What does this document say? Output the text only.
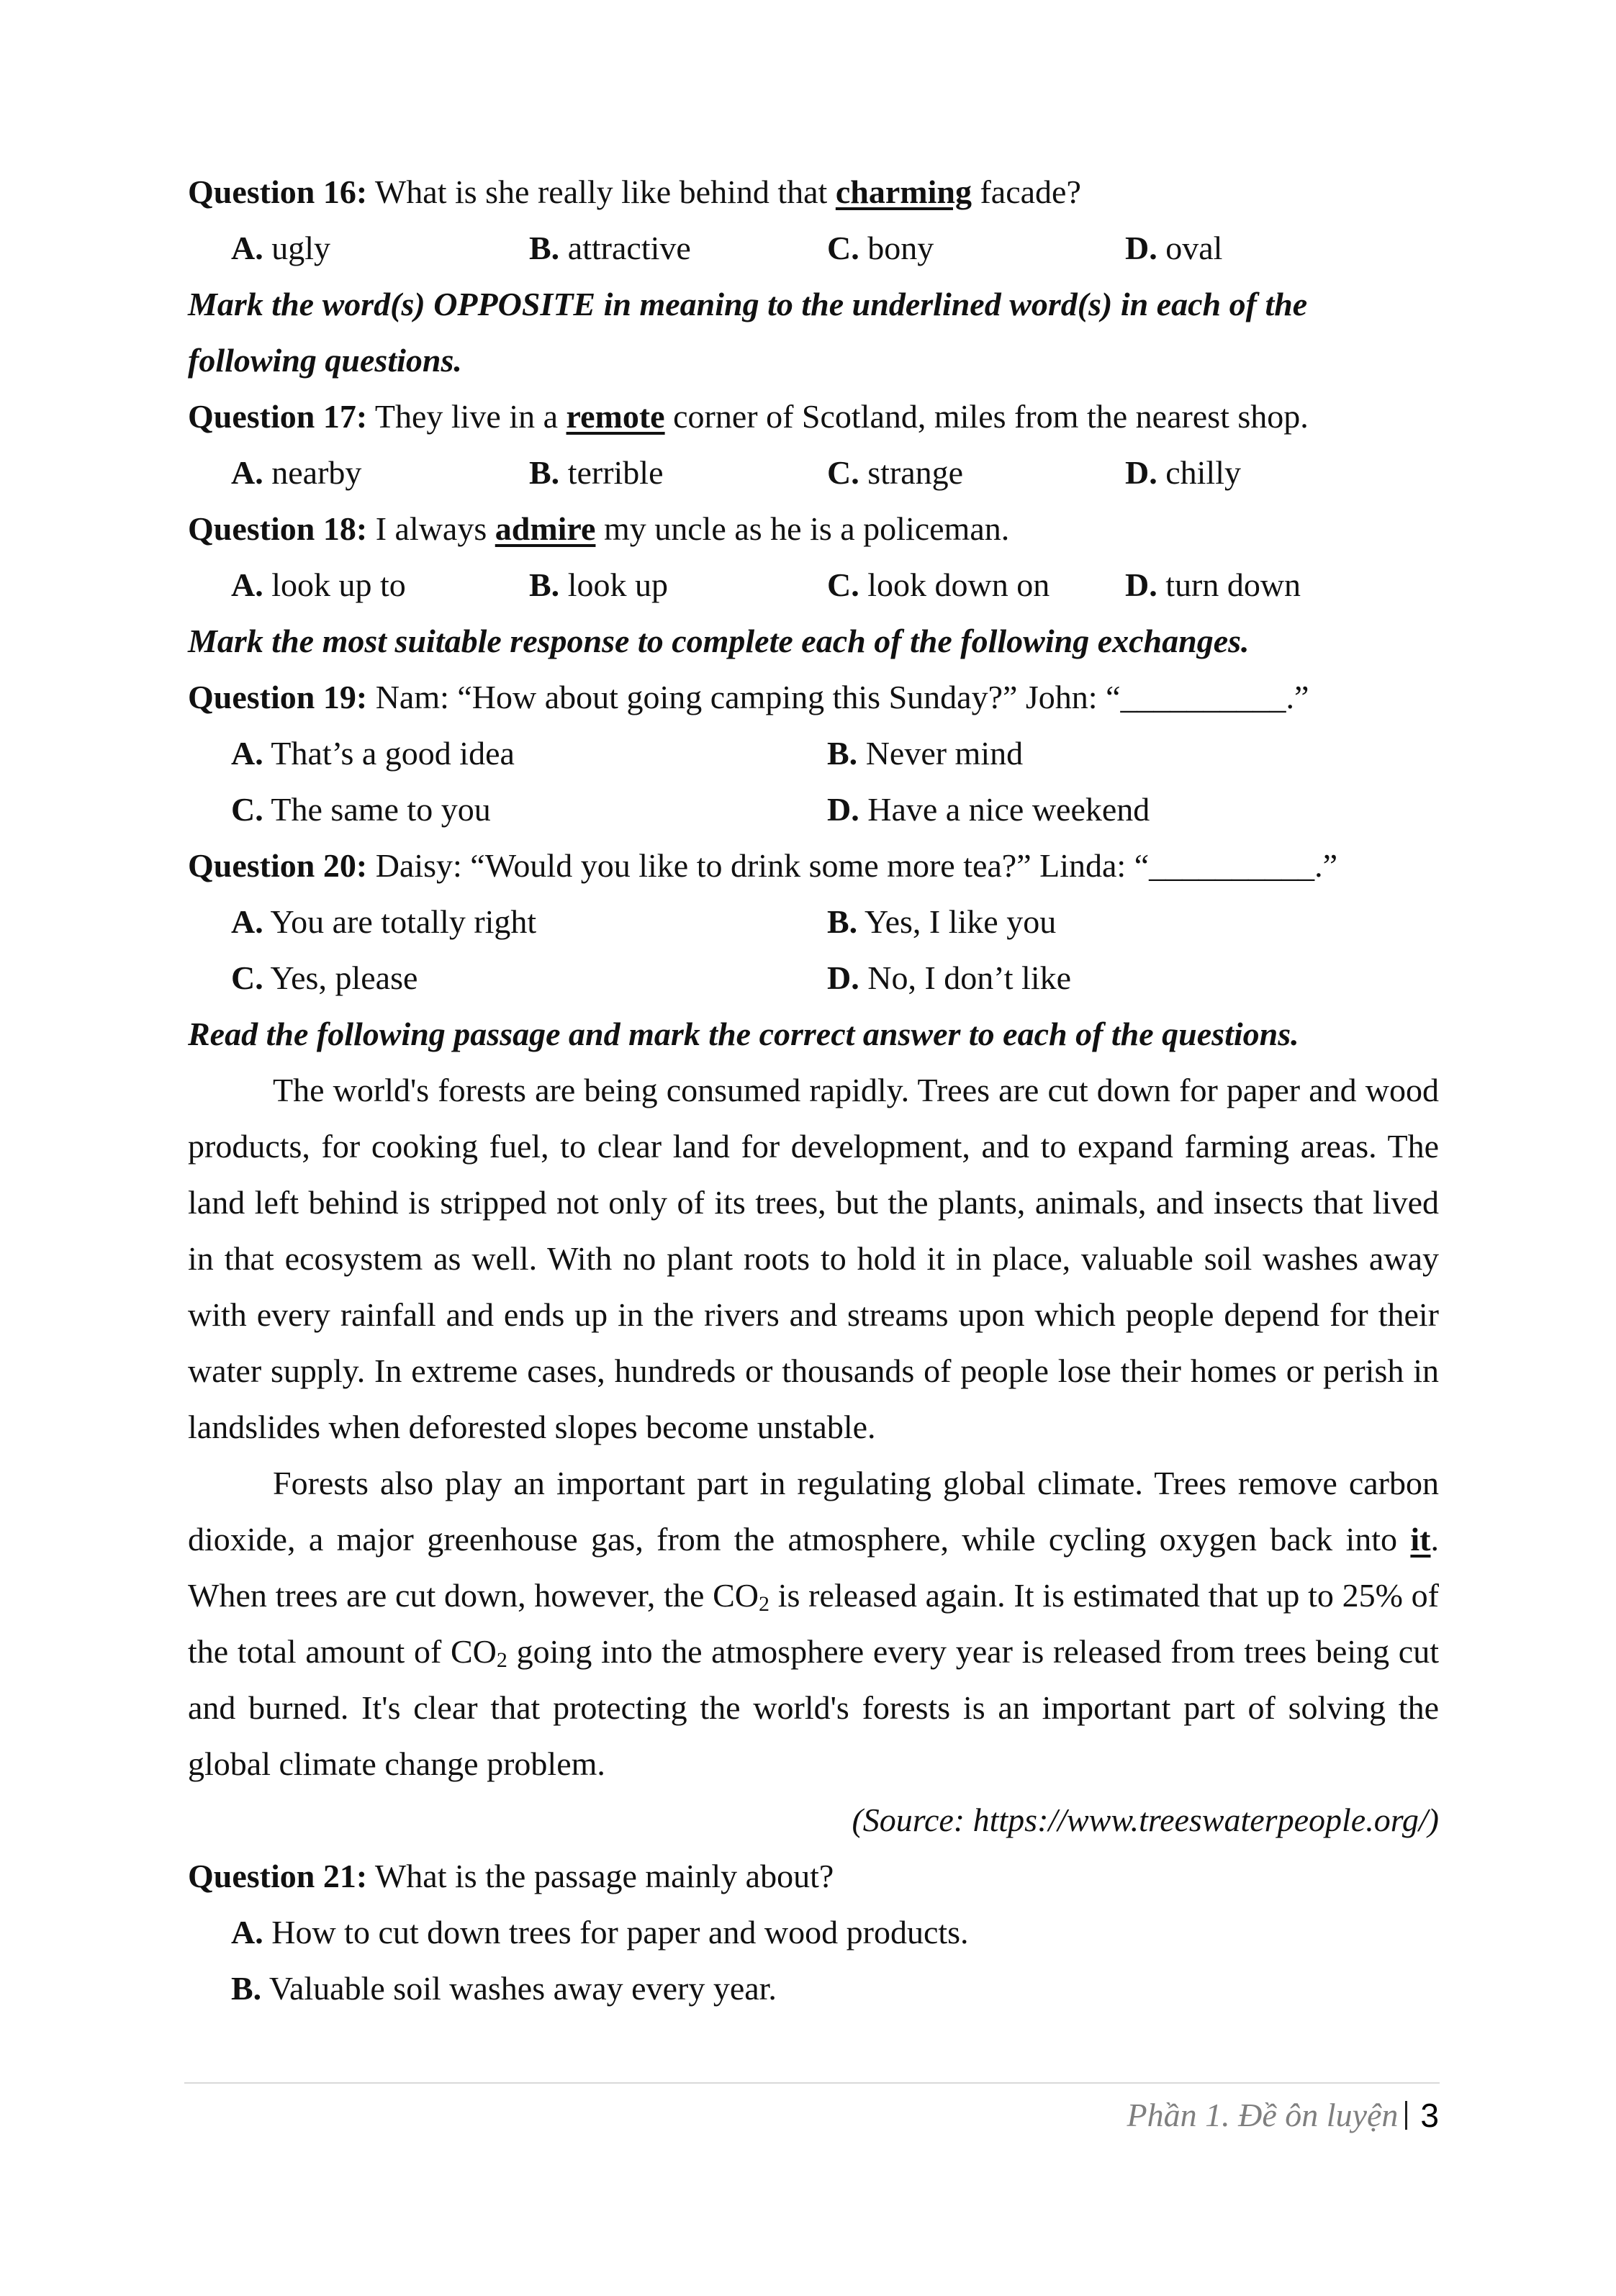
Question 16: What is she really like behind that charming facade?
A. ugly	B. attractive	C. bony	D. oval
Mark the word(s) OPPOSITE in meaning to the underlined word(s) in each of the following questions.
Question 17: They live in a remote corner of Scotland, miles from the nearest shop.
A. nearby	B. terrible	C. strange	D. chilly
Question 18: I always admire my uncle as he is a policeman.
A. look up to	B. look up	C. look down on	D. turn down
Mark the most suitable response to complete each of the following exchanges.
Question 19: Nam: “How about going camping this Sunday?” John: “__________.”
A. That’s a good idea	B. Never mind
C. The same to you	D. Have a nice weekend
Question 20: Daisy: “Would you like to drink some more tea?” Linda: “__________.”
A. You are totally right	B. Yes, I like you
C. Yes, please	D. No, I don’t like
Read the following passage and mark the correct answer to each of the questions.
The world's forests are being consumed rapidly. Trees are cut down for paper and wood products, for cooking fuel, to clear land for development, and to expand farming areas. The land left behind is stripped not only of its trees, but the plants, animals, and insects that lived in that ecosystem as well. With no plant roots to hold it in place, valuable soil washes away with every rainfall and ends up in the rivers and streams upon which people depend for their water supply. In extreme cases, hundreds or thousands of people lose their homes or perish in landslides when deforested slopes become unstable.
Forests also play an important part in regulating global climate. Trees remove carbon dioxide, a major greenhouse gas, from the atmosphere, while cycling oxygen back into it. When trees are cut down, however, the $CO_2$ is released again. It is estimated that up to 25% of the total amount of $CO_2$ going into the atmosphere every year is released from trees being cut and burned. It's clear that protecting the world's forests is an important part of solving the global climate change problem.
(Source: https://www.treeswaterpeople.org/)
Question 21: What is the passage mainly about?
A. How to cut down trees for paper and wood products.
B. Valuable soil washes away every year.
Phần 1. Đề ôn luyện 3
